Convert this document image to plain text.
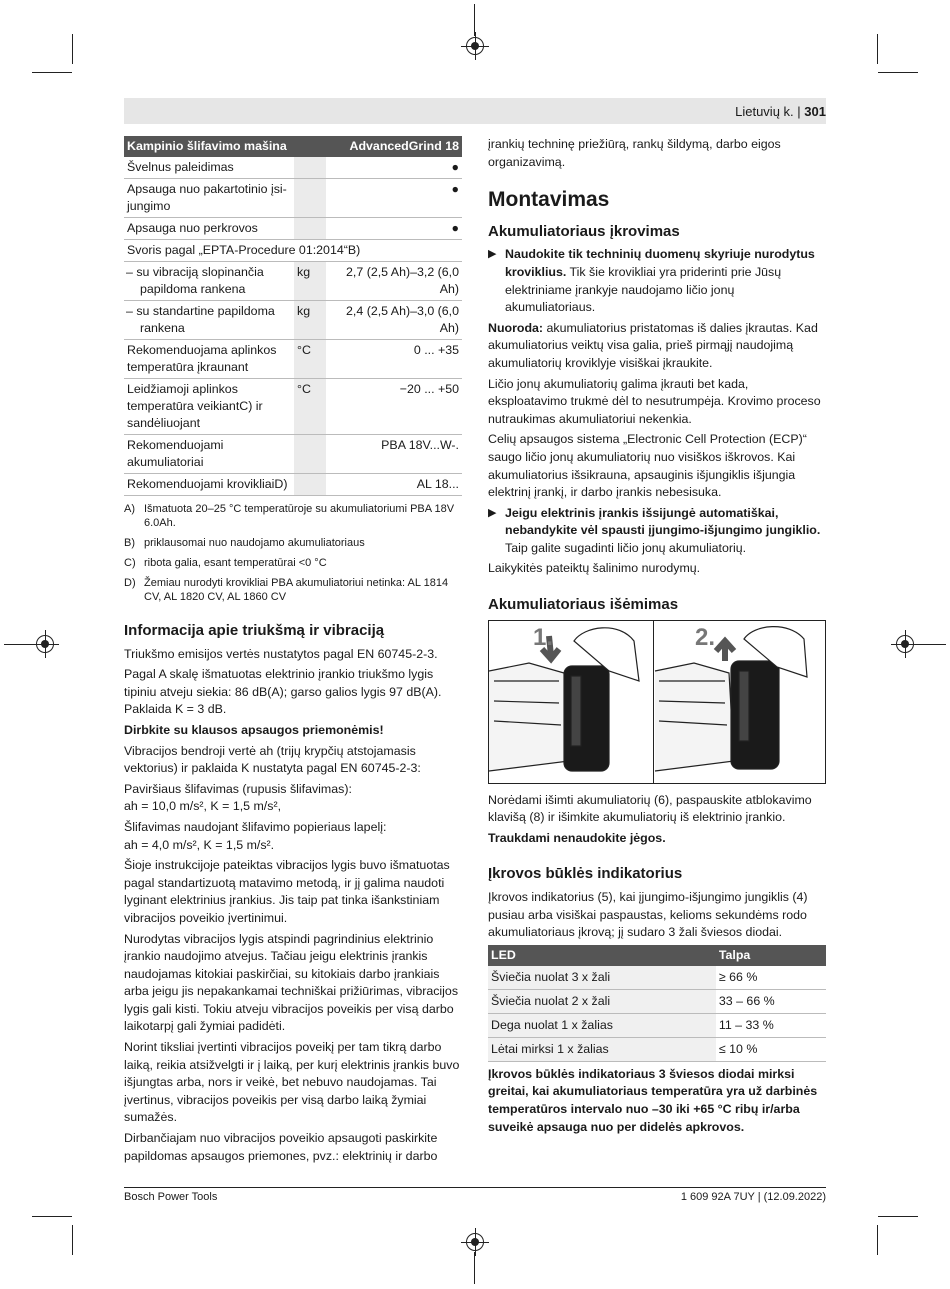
Lietuvių k. | 301
Kampinio šlifavimo mašina		AdvancedGrind 18
Švelnus paleidimas		●
Apsauga nuo pakartotinio įsi-jungimo		●
Apsauga nuo perkrovos		●
Svoris pagal „EPTA-Procedure 01:2014“B)		
– su vibraciją slopinančia papildoma rankena	kg	2,7 (2,5 Ah)–3,2 (6,0 Ah)
– su standartine papildoma rankena	kg	2,4 (2,5 Ah)–3,0 (6,0 Ah)
Rekomenduojama aplinkos temperatūra įkraunant	°C	0 ... +35
Leidžiamoji aplinkos temperatūra veikiantC) ir sandėliuojant	°C	−20 ... +50
Rekomenduojami akumuliatoriai		PBA 18V...W-.
Rekomenduojami krovikliaiD)		AL 18...
A) Išmatuota 20–25 °C temperatūroje su akumuliatoriumi PBA 18V 6.0Ah.
B) priklausomai nuo naudojamo akumuliatoriaus
C) ribota galia, esant temperatūrai <0 °C
D) Žemiau nurodyti krovikliai PBA akumuliatoriui netinka: AL 1814 CV, AL 1820 CV, AL 1860 CV
Informacija apie triukšmą ir vibraciją

Triukšmo emisijos vertės nustatytos pagal EN 60745-2-3.

Pagal A skalę išmatuotas elektrinio įrankio triukšmo lygis tipiniu atveju siekia: 86 dB(A); garso galios lygis 97 dB(A). Paklaida K = 3 dB.

Dirbkite su klausos apsaugos priemonėmis!

Vibracijos bendroji vertė ah (trijų krypčių atstojamasis vektorius) ir paklaida K nustatyta pagal EN 60745-2-3:

Paviršiaus šlifavimas (rupusis šlifavimas):

ah = 10,0 m/s², K = 1,5 m/s²,

Šlifavimas naudojant šlifavimo popieriaus lapelį:

ah = 4,0 m/s², K = 1,5 m/s².

Šioje instrukcijoje pateiktas vibracijos lygis buvo išmatuotas pagal standartizuotą matavimo metodą, ir jį galima naudoti lyginant elektrinius įrankius. Jis taip pat tinka išankstiniam vibracijos poveikio įvertinimui.

Nurodytas vibracijos lygis atspindi pagrindinius elektrinio įrankio naudojimo atvejus. Tačiau jeigu elektrinis įrankis naudojamas kitokiai paskirčiai, su kitokiais darbo įrankiais arba jeigu jis nepakankamai techniškai prižiūrimas, vibracijos lygis gali kisti. Tokiu atveju vibracijos poveikis per visą darbo laikotarpį gali žymiai padidėti.

Norint tiksliai įvertinti vibracijos poveikį per tam tikrą darbo laiką, reikia atsižvelgti ir į laiką, per kurį elektrinis įrankis buvo išjungtas arba, nors ir veikė, bet nebuvo naudojamas. Tai įvertinus, vibracijos poveikis per visą darbo laiką žymiai sumažės.

Dirbančiajam nuo vibracijos poveikio apsaugoti paskirkite papildomas apsaugos priemones, pvz.: elektrinių ir darbo

įrankių techninę priežiūrą, rankų šildymą, darbo eigos organizavimą.

Montavimas
Akumuliatoriaus įkrovimas
▶ Naudokite tik techninių duomenų skyriuje nurodytus kroviklius. Tik šie krovikliai yra priderinti prie Jūsų elektriniame įrankyje naudojamo ličio jonų akumuliatoriaus.

Nuoroda: akumuliatorius pristatomas iš dalies įkrautas. Kad akumuliatorius veiktų visa galia, prieš pirmąjį naudojimą akumuliatorių kroviklyje visiškai įkraukite.

Ličio jonų akumuliatorių galima įkrauti bet kada, eksploatavimo trukmė dėl to nesutrumpėja. Krovimo proceso nutraukimas akumuliatoriui nekenkia.

Celių apsaugos sistema „Electronic Cell Protection (ECP)“ saugo ličio jonų akumuliatorių nuo visiškos iškrovos. Kai akumuliatorius išsikrauna, apsauginis išjungiklis išjungia elektrinį įrankį, ir darbo įrankis nebesisuka.

▶ Jeigu elektrinis įrankis išsijungė automatiškai, nebandykite vėl spausti įjungimo-išjungimo jungiklio. Taip galite sugadinti ličio jonų akumuliatorių.

Laikykitės pateiktų šalinimo nurodymų.

Akumuliatoriaus išėmimas
1.	2.

Norėdami išimti akumuliatorių (6), paspauskite atblokavimo klavišą (8) ir išimkite akumuliatorių iš elektrinio įrankio.

Traukdami nenaudokite jėgos.

Įkrovos būklės indikatorius

Įkrovos indikatorius (5), kai įjungimo-išjungimo jungiklis (4) pusiau arba visiškai paspaustas, kelioms sekundėms rodo akumuliatoriaus įkrovą; jį sudaro 3 žali šviesos diodai.

LED	Talpa
Šviečia nuolat 3 x žali	≥ 66 %
Šviečia nuolat 2 x žali	33 – 66 %
Dega nuolat 1 x žalias	11 – 33 %
Lėtai mirksi 1 x žalias	≤ 10 %

Įkrovos būklės indikatoriaus 3 šviesos diodai mirksi greitai, kai akumuliatoriaus temperatūra yra už darbinės temperatūros intervalo nuo –30 iki +65 °C ribų ir/arba suveikė apsauga nuo per didelės apkrovos.

Bosch Power Tools	1 609 92A 7UY | (12.09.2022)
